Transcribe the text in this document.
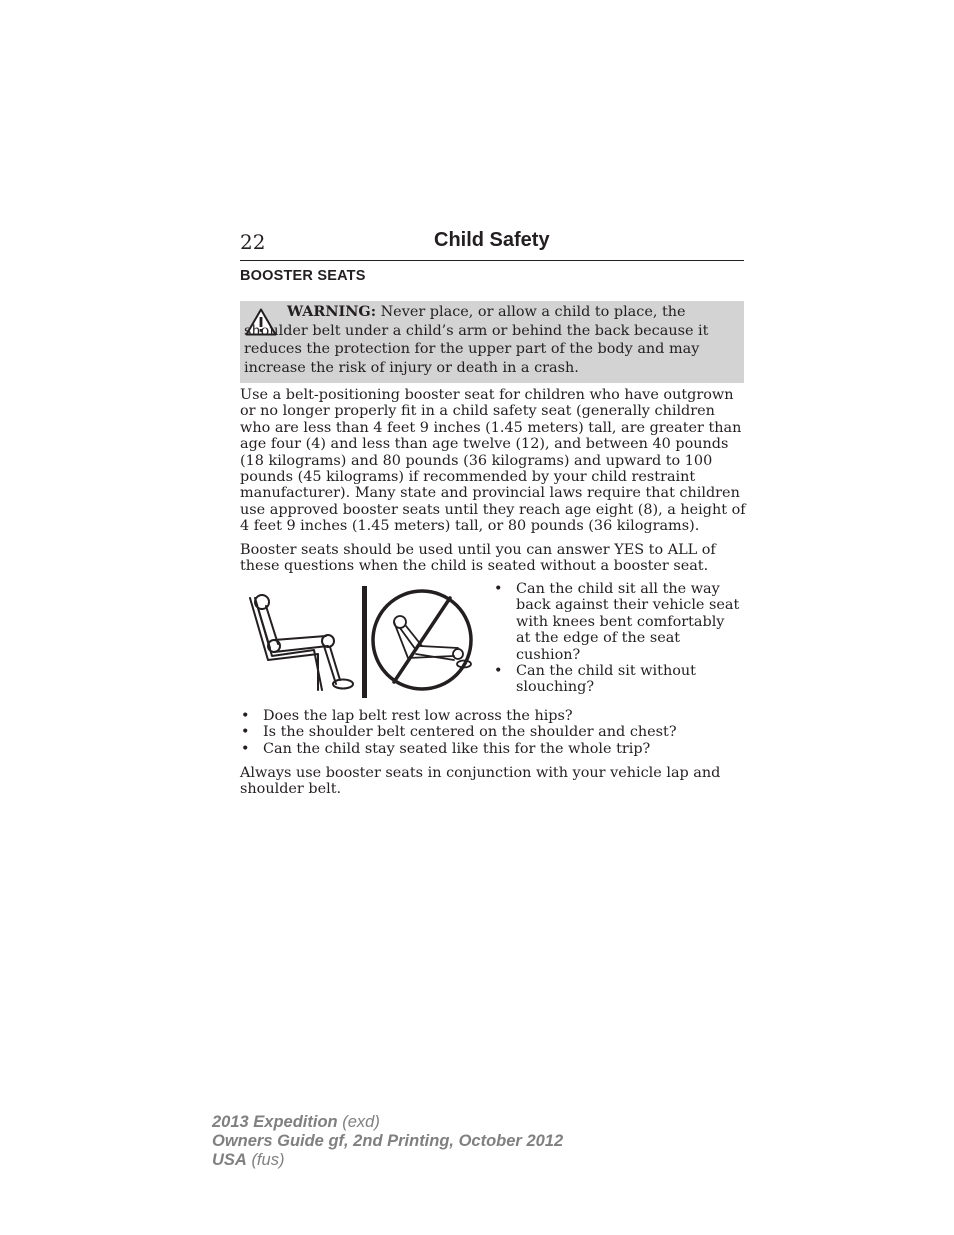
22	Child Safety
BOOSTER SEATS
WARNING: Never place, or allow a child to place, the shoulder belt under a child’s arm or behind the back because it reduces the protection for the upper part of the body and may increase the risk of injury or death in a crash.

Use a belt-positioning booster seat for children who have outgrown or no longer properly fit in a child safety seat (generally children who are less than 4 feet 9 inches (1.45 meters) tall, are greater than age four (4) and less than age twelve (12), and between 40 pounds (18 kilograms) and 80 pounds (36 kilograms) and upward to 100 pounds (45 kilograms) if recommended by your child restraint manufacturer). Many state and provincial laws require that children use approved booster seats until they reach age eight (8), a height of 4 feet 9 inches (1.45 meters) tall, or 80 pounds (36 kilograms).

Booster seats should be used until you can answer YES to ALL of these questions when the child is seated without a booster seat.

• Can the child sit all the way back against their vehicle seat with knees bent comfortably at the edge of the seat cushion?
• Can the child sit without slouching?
• Does the lap belt rest low across the hips?
• Is the shoulder belt centered on the shoulder and chest?
• Can the child stay seated like this for the whole trip?

Always use booster seats in conjunction with your vehicle lap and shoulder belt.

2013 Expedition (exd)
Owners Guide gf, 2nd Printing, October 2012
USA (fus)
